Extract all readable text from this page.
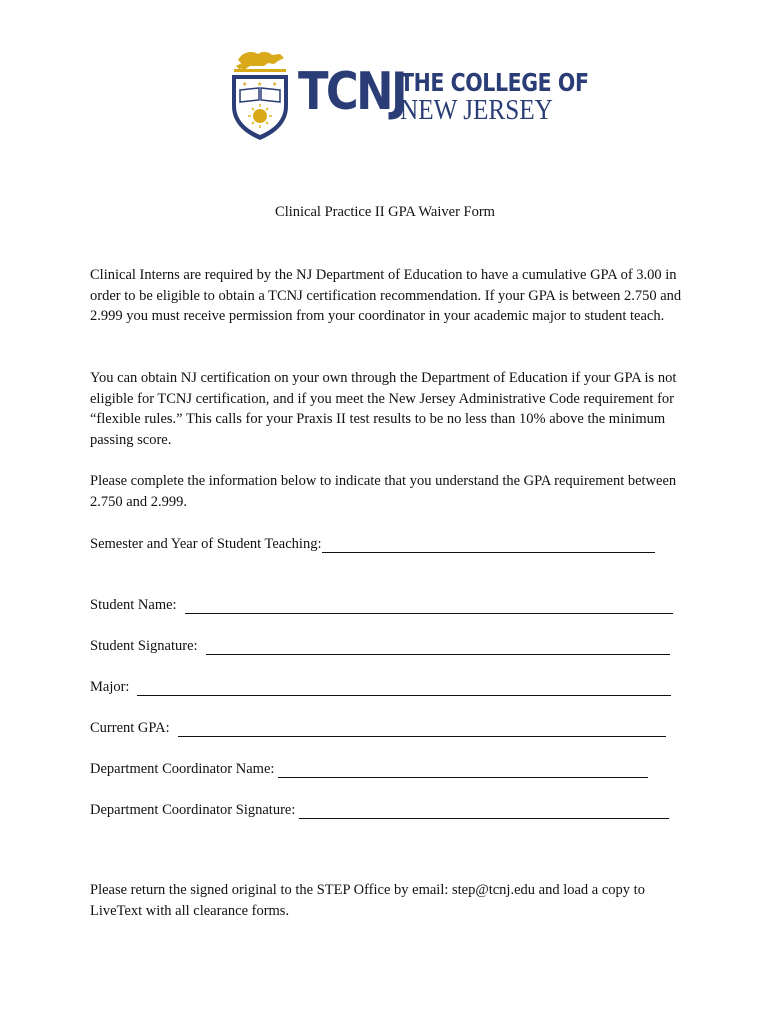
★ ★ ★ TCNJ
THE COLLEGE OF
NEW JERSEY
Clinical Practice II GPA Waiver Form

Clinical Interns are required by the NJ Department of Education to have a cumulative GPA of 3.00 in order to be eligible to obtain a TCNJ certification recommendation. If your GPA is between 2.750 and 2.999 you must receive permission from your coordinator in your academic major to student teach.

You can obtain NJ certification on your own through the Department of Education if your GPA is not eligible for TCNJ certification, and if you meet the New Jersey Administrative Code requirement for “flexible rules.” This calls for your Praxis II test results to be no less than 10% above the minimum passing score.

Please complete the information below to indicate that you understand the GPA requirement between 2.750 and 2.999.

Semester and Year of Student Teaching:
Student Name:
Student Signature:
Major:
Current GPA:
Department Coordinator Name:
Department Coordinator Signature:

Please return the signed original to the STEP Office by email: step@tcnj.edu and load a copy to LiveText with all clearance forms.
